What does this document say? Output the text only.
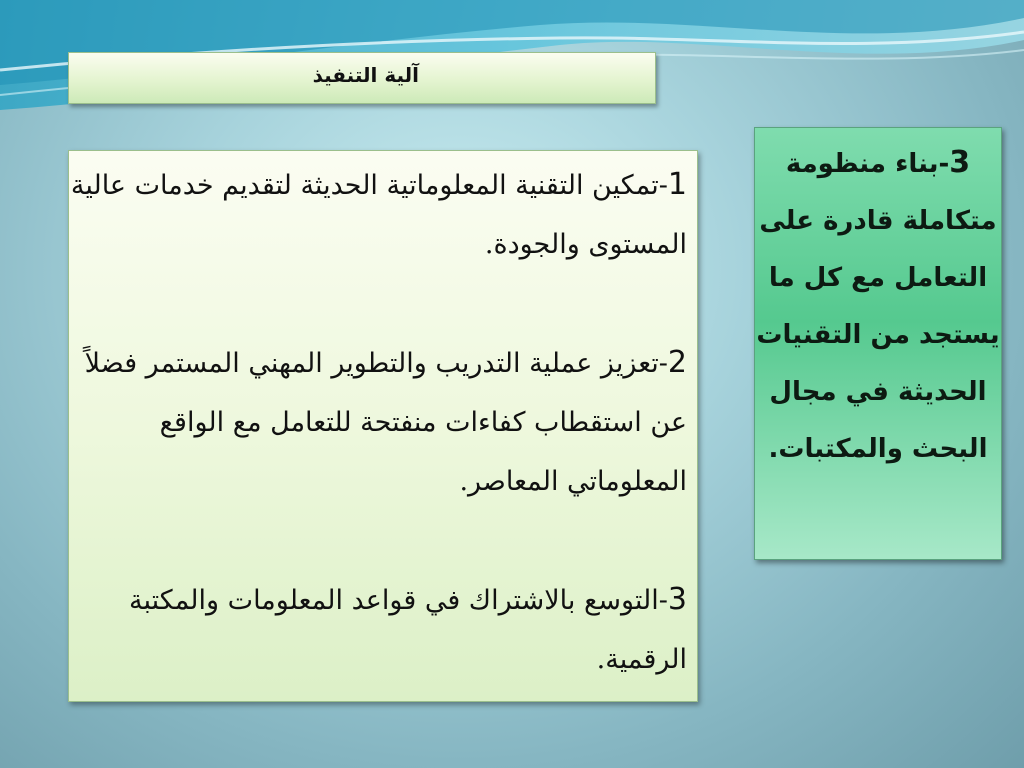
آلية التنفيذ

1-تمكين التقنية المعلوماتية الحديثة لتقديم خدمات عالية المستوى والجودة.

2-تعزيز عملية التدريب والتطوير المهني المستمر فضلاً عن استقطاب كفاءات منفتحة للتعامل مع الواقع المعلوماتي المعاصر.

3-التوسع بالاشتراك في قواعد المعلومات والمكتبة الرقمية.

3-بناء منظومة متكاملة قادرة على التعامل مع كل ما يستجد من التقنيات الحديثة في مجال البحث والمكتبات.
